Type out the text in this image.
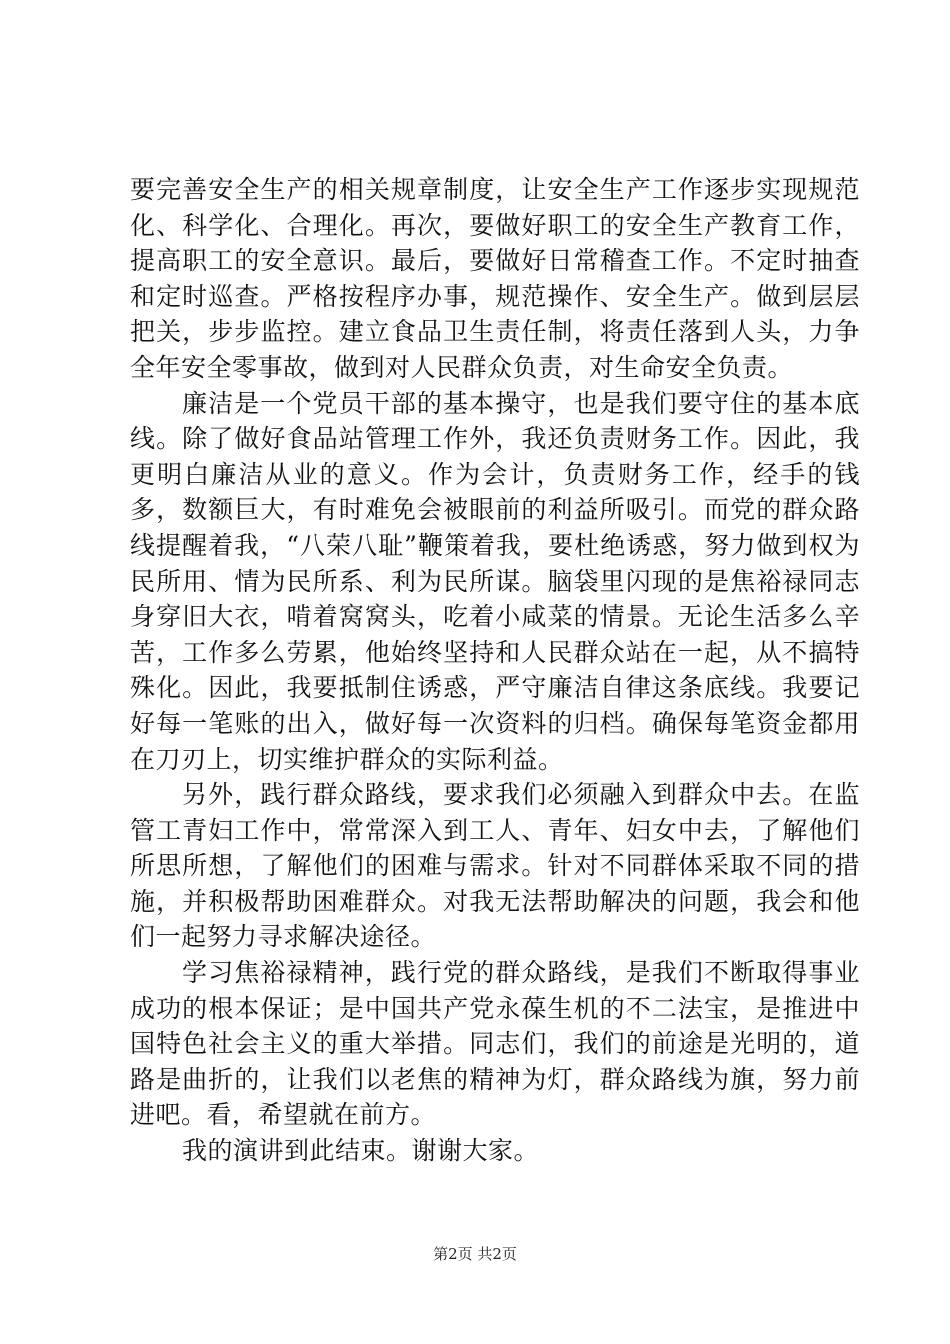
要完善安全生产的相关规章制度，让安全生产工作逐步实现规范化、科学化、合理化。再次，要做好职工的安全生产教育工作，提高职工的安全意识。最后，要做好日常稽查工作。不定时抽查和定时巡查。严格按程序办事，规范操作、安全生产。做到层层把关，步步监控。建立食品卫生责任制，将责任落到人头，力争全年安全零事故，做到对人民群众负责，对生命安全负责。

廉洁是一个党员干部的基本操守，也是我们要守住的基本底线。除了做好食品站管理工作外，我还负责财务工作。因此，我更明白廉洁从业的意义。作为会计，负责财务工作，经手的钱多，数额巨大，有时难免会被眼前的利益所吸引。而党的群众路线提醒着我，“八荣八耻”鞭策着我，要杜绝诱惑，努力做到权为民所用、情为民所系、利为民所谋。脑袋里闪现的是焦裕禄同志身穿旧大衣，啃着窝窝头，吃着小咸菜的情景。无论生活多么辛苦，工作多么劳累，他始终坚持和人民群众站在一起，从不搞特殊化。因此，我要抵制住诱惑，严守廉洁自律这条底线。我要记好每一笔账的出入，做好每一次资料的归档。确保每笔资金都用在刀刃上，切实维护群众的实际利益。

另外，践行群众路线，要求我们必须融入到群众中去。在监管工青妇工作中，常常深入到工人、青年、妇女中去，了解他们所思所想，了解他们的困难与需求。针对不同群体采取不同的措施，并积极帮助困难群众。对我无法帮助解决的问题，我会和他们一起努力寻求解决途径。

学习焦裕禄精神，践行党的群众路线，是我们不断取得事业成功的根本保证；是中国共产党永葆生机的不二法宝，是推进中国特色社会主义的重大举措。同志们，我们的前途是光明的，道路是曲折的，让我们以老焦的精神为灯，群众路线为旗，努力前进吧。看，希望就在前方。

我的演讲到此结束。谢谢大家。

第2页 共2页
